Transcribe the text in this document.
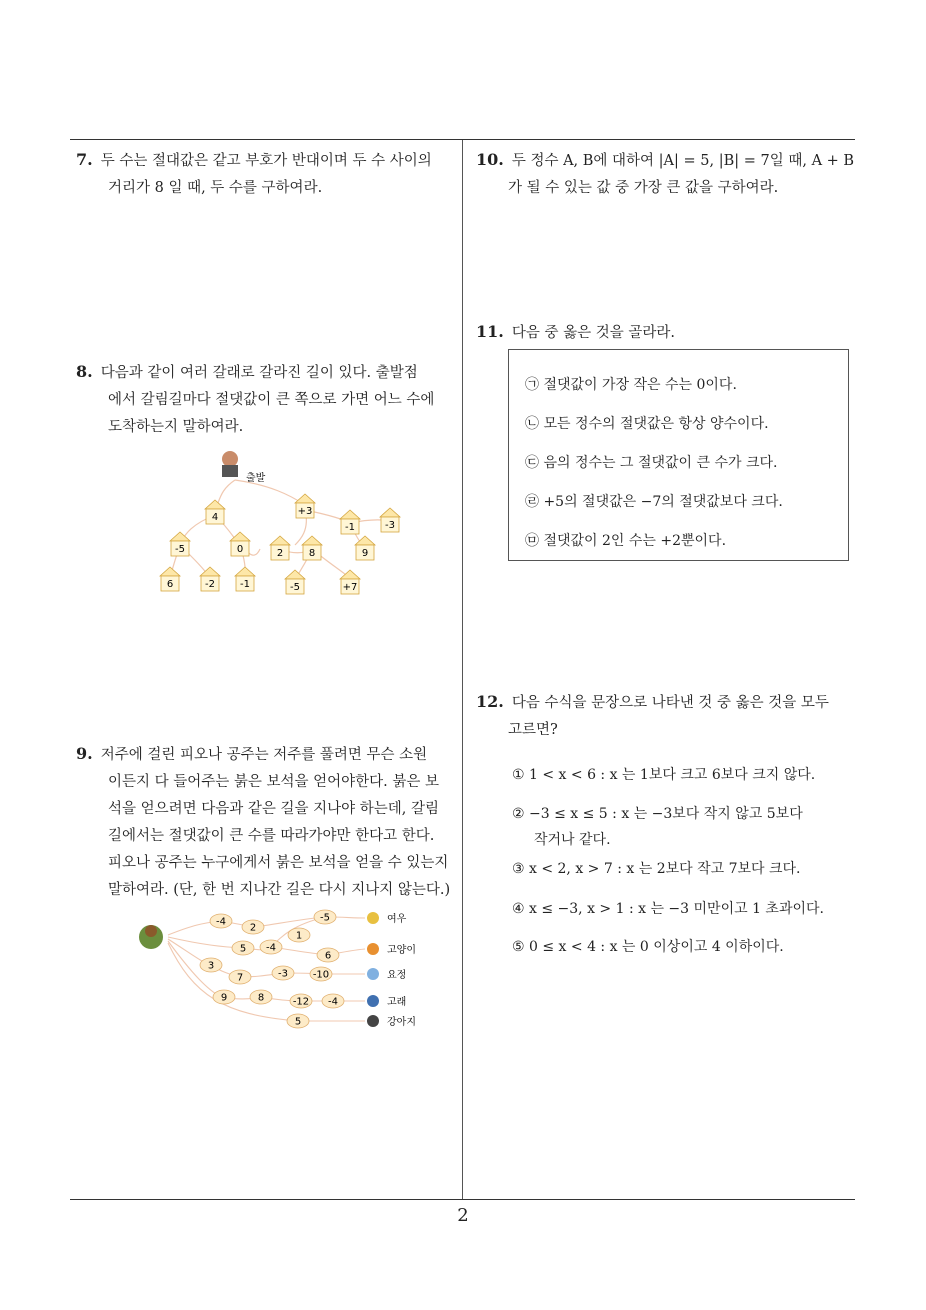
7. 두 수는 절대값은 같고 부호가 반대이며 두 수 사이의
거리가 8 일 때, 두 수를 구하여라.
8. 다음과 같이 여러 갈래로 갈라진 길이 있다. 출발점
에서 갈림길마다 절댓값이 큰 쪽으로 가면 어느 수에
도착하는지 말하여라.
출발
4
+3
-1	-3
-5	0	2	8	9
6	-2	-1	-5	+7
9. 저주에 걸린 피오나 공주는 저주를 풀려면 무슨 소원
이든지 다 들어주는 붉은 보석을 얻어야한다. 붉은 보
석을 얻으려면 다음과 같은 길을 지나야 하는데, 갈림
길에서는 절댓값이 큰 수를 따라가야만 한다고 한다.
피오나 공주는 누구에게서 붉은 보석을 얻을 수 있는지
말하여라. (단, 한 번 지나간 길은 다시 지나지 않는다.)
-4
2
-5
1
5 -4
6
3
7	-3 -10
9	8	-12 -4
5
여우
고양이
요정
고래
강아지
10. 두 정수 A, B에 대하여 |A| = 5, |B| = 7일 때, A + B
가 될 수 있는 값 중 가장 큰 값을 구하여라.
11. 다음 중 옳은 것을 골라라.
㉠ 절댓값이 가장 작은 수는 0이다.
㉡ 모든 정수의 절댓값은 항상 양수이다.
㉢ 음의 정수는 그 절댓값이 큰 수가 크다.
㉣ +5의 절댓값은 −7의 절댓값보다 크다.
㉤ 절댓값이 2인 수는 +2뿐이다.
12. 다음 수식을 문장으로 나타낸 것 중 옳은 것을 모두
고르면?
① 1 < x < 6 : x 는 1보다 크고 6보다 크지 않다.
② −3 ≤ x ≤ 5 : x 는 −3보다 작지 않고 5보다
작거나 같다.
③ x < 2, x > 7 : x 는 2보다 작고 7보다 크다.
④ x ≤ −3, x > 1 : x 는 −3 미만이고 1 초과이다.
⑤ 0 ≤ x < 4 : x 는 0 이상이고 4 이하이다.
2
